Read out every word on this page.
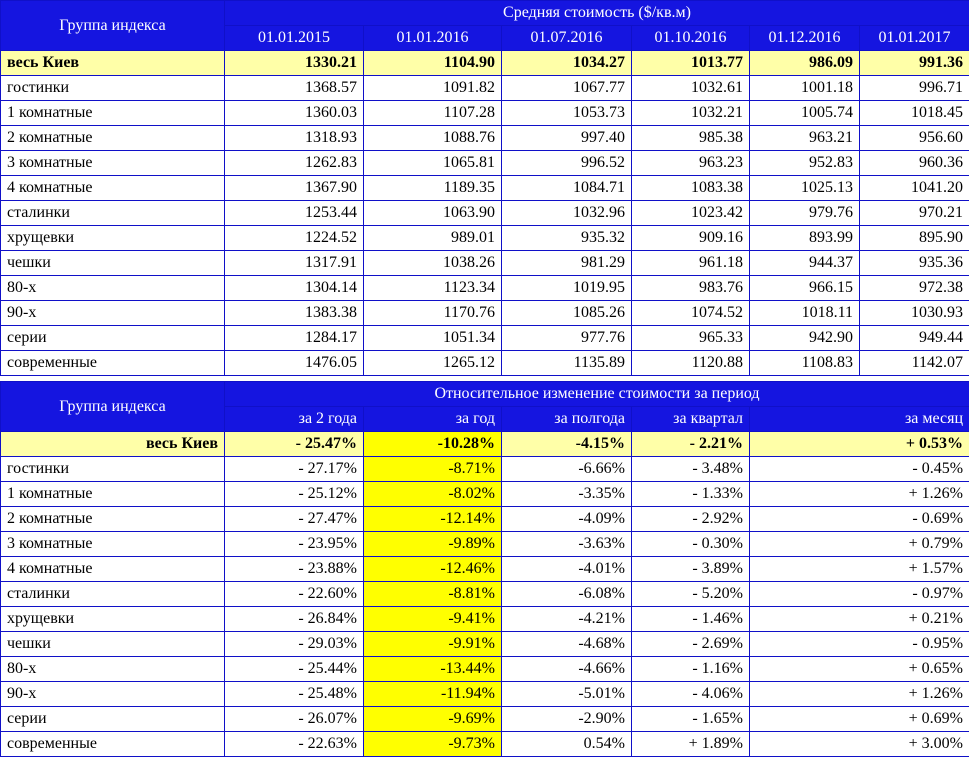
Группа индекса	Средняя стоимость ($/кв.м)					
	01.01.2015	01.01.2016	01.07.2016	01.10.2016	01.12.2016	01.01.2017
весь Киев	1330.21	1104.90	1034.27	1013.77	986.09	991.36
гостинки	1368.57	1091.82	1067.77	1032.61	1001.18	996.71
1 комнатные	1360.03	1107.28	1053.73	1032.21	1005.74	1018.45
2 комнатные	1318.93	1088.76	997.40	985.38	963.21	956.60
3 комнатные	1262.83	1065.81	996.52	963.23	952.83	960.36
4 комнатные	1367.90	1189.35	1084.71	1083.38	1025.13	1041.20
сталинки	1253.44	1063.90	1032.96	1023.42	979.76	970.21
хрущевки	1224.52	989.01	935.32	909.16	893.99	895.90
чешки	1317.91	1038.26	981.29	961.18	944.37	935.36
80-х	1304.14	1123.34	1019.95	983.76	966.15	972.38
90-х	1383.38	1170.76	1085.26	1074.52	1018.11	1030.93
серии	1284.17	1051.34	977.76	965.33	942.90	949.44
современные	1476.05	1265.12	1135.89	1120.88	1108.83	1142.07
Группа индекса	Относительное изменение стоимости за период				
	за 2 года	за год	за полгода	за квартал	за месяц
весь Киев	- 25.47%	-10.28%	-4.15%	- 2.21%	+ 0.53%
гостинки	- 27.17%	-8.71%	-6.66%	- 3.48%	- 0.45%
1 комнатные	- 25.12%	-8.02%	-3.35%	- 1.33%	+ 1.26%
2 комнатные	- 27.47%	-12.14%	-4.09%	- 2.92%	- 0.69%
3 комнатные	- 23.95%	-9.89%	-3.63%	- 0.30%	+ 0.79%
4 комнатные	- 23.88%	-12.46%	-4.01%	- 3.89%	+ 1.57%
сталинки	- 22.60%	-8.81%	-6.08%	- 5.20%	- 0.97%
хрущевки	- 26.84%	-9.41%	-4.21%	- 1.46%	+ 0.21%
чешки	- 29.03%	-9.91%	-4.68%	- 2.69%	- 0.95%
80-х	- 25.44%	-13.44%	-4.66%	- 1.16%	+ 0.65%
90-х	- 25.48%	-11.94%	-5.01%	- 4.06%	+ 1.26%
серии	- 26.07%	-9.69%	-2.90%	- 1.65%	+ 0.69%
современные	- 22.63%	-9.73%	0.54%	+ 1.89%	+ 3.00%
